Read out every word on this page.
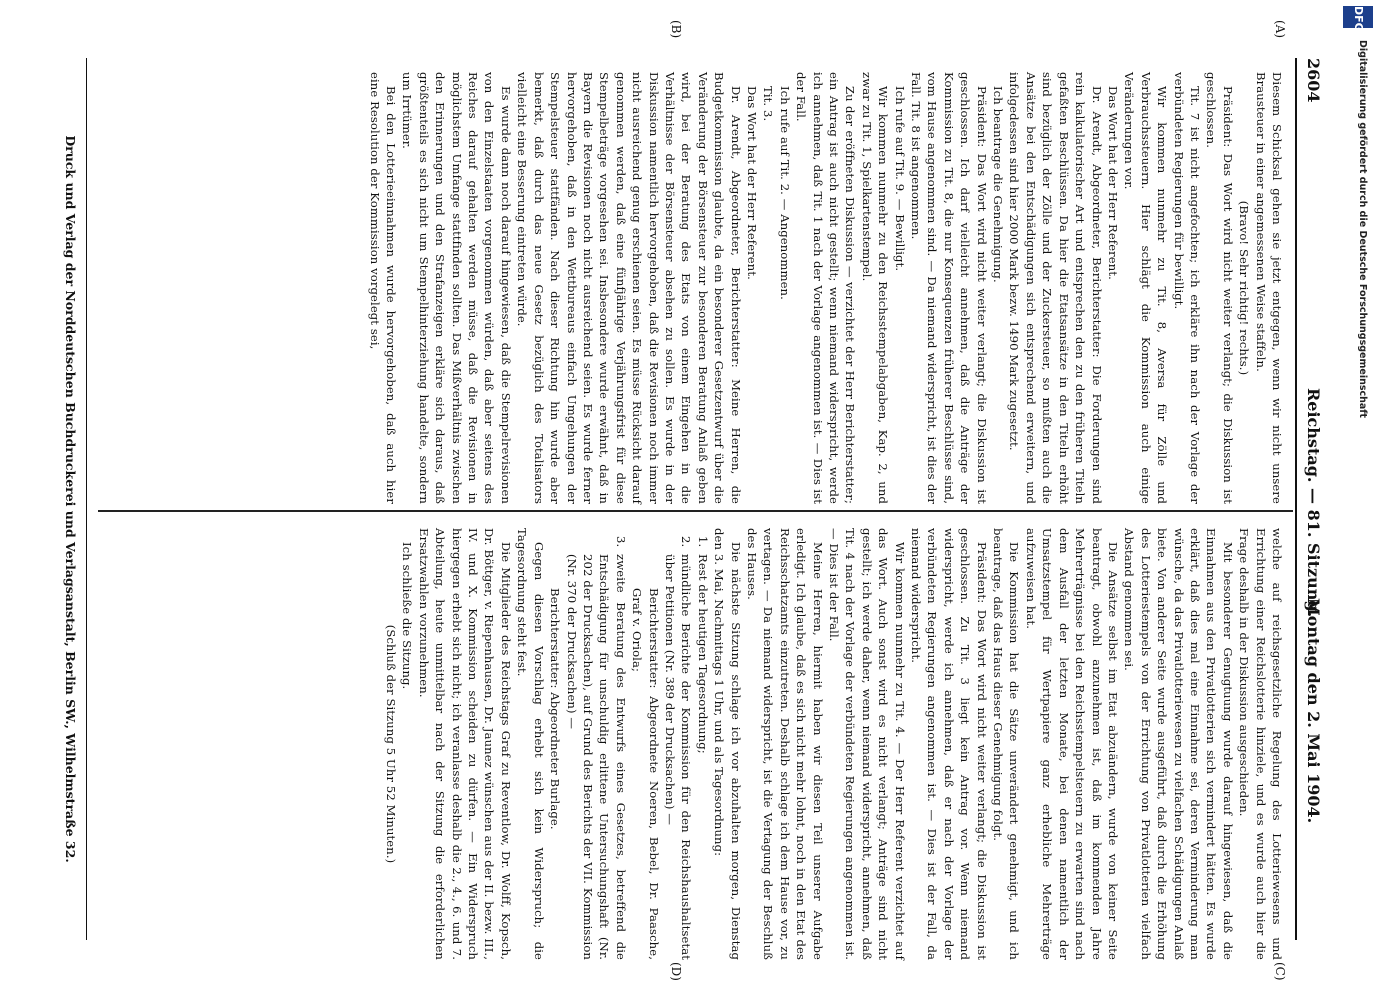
2604
Reichstag. — 81. Sitzung.
Montag den 2. Mai 1904.
(A)
(B)
(C)
(D)

Diesem Schicksal gehen sie jetzt entgegen, wenn wir nicht unsere Brausteuer in einer angemessenen Weise staffeln.

(Bravo! Sehr richtig! rechts.)

Präsident: Das Wort wird nicht weiter verlangt; die Diskussion ist geschlossen.

Tit. 7 ist nicht angefochten; ich erkläre ihn nach der Vorlage der verbündeten Regierungen für bewilligt.

Wir kommen nunmehr zu Tit. 8, Aversa für Zölle und Verbrauchssteuern. Hier schlägt die Kommission auch einige Veränderungen vor.

Das Wort hat der Herr Referent.

Dr. Arendt, Abgeordneter, Berichterstatter: Die Forderungen sind rein kalkulatorischer Art und entsprechen den zu den früheren Titeln gefaßten Beschlüssen. Da hier die Etatsansätze in den Titeln erhöht sind bezüglich der Zölle und der Zuckersteuer, so mußten auch die Ansätze bei den Entschädigungen sich entsprechend erweitern, und infolgedessen sind hier 2000 Mark bezw. 1490 Mark zugesetzt.

Ich beantrage die Genehmigung.

Präsident: Das Wort wird nicht weiter verlangt; die Diskussion ist geschlossen. Ich darf vielleicht annehmen, daß die Anträge der Kommission zu Tit. 8, die nur Konsequenzen früherer Beschlüsse sind, vom Hause angenommen sind. — Da niemand widerspricht, ist dies der Fall. Tit. 8 ist angenommen.

Ich rufe auf Tit. 9. — Bewilligt.

Wir kommen nunmehr zu den Reichsstempelabgaben, Kap. 2, und zwar zu Tit. 1, Spielkartenstempel.

Zu der eröffneten Diskussion — verzichtet der Herr Berichterstatter; ein Antrag ist auch nicht gestellt; wenn niemand widerspricht, werde ich annehmen, daß Tit. 1 nach der Vorlage angenommen ist. — Dies ist der Fall.

Ich rufe auf Tit. 2. — Angenommen.

Tit. 3.

Das Wort hat der Herr Referent.

Dr. Arendt, Abgeordneter, Berichterstatter: Meine Herren, die Budgetkommission glaubte, da ein besonderer Gesetzentwurf über die Veränderung der Börsensteuer zur besonderen Beratung Anlaß geben wird, bei der Beratung des Etats von einem Eingehen in die Verhältnisse der Börsensteuer absehen zu sollen. Es wurde in der Diskussion namentlich hervorgehoben, daß die Revisionen noch immer nicht ausreichend genug erschienen seien. Es müsse Rücksicht darauf genommen werden, daß eine fünfjährige Verjährungsfrist für diese Stempelbeträge vorgesehen sei. Insbesondere wurde erwähnt, daß in Bayern die Revisionen noch nicht ausreichend seien. Es wurde ferner hervorgehoben, daß in den Wettbureaus einfach Umgehungen der Stempelsteuer stattfänden. Nach dieser Richtung hin wurde aber bemerkt, daß durch das neue Gesetz bezüglich des Totalisators vielleicht eine Besserung eintreten würde.

Es wurde dann noch darauf hingewiesen, daß die Stempelrevisionen von den Einzelstaaten vorgenommen würden, daß aber seitens des Reiches darauf gehalten werden müsse, daß die Revisionen in möglichstem Umfange stattfinden sollten. Das Mißverhältnis zwischen den Erinnerungen und den Strafanzeigen erkläre sich daraus, daß größtenteils es sich nicht um Stempelhinterziehung handelte, sondern um Irrtümer.

Bei den Lotterieeinnahmen wurde hervorgehoben, daß auch hier eine Resolution der Kommission vorgelegt sei,

welche auf reichsgesetzliche Regelung des Lotteriewesens und Errichtung einer Reichslotterie hinziele, und es wurde auch hier die Frage deshalb in der Diskussion ausgeschieden.

Mit besonderer Genugtuung wurde darauf hingewiesen, daß die Einnahmen aus den Privatlotterien sich vermindert hätten. Es wurde erklärt, daß dies mal eine Einnahme sei, deren Verminderung man wünsche, da das Privatlotteriewesen zu vielfachen Schädigungen Anlaß biete. Von anderer Seite wurde ausgeführt, daß durch die Erhöhung des Lotteriestempels von der Errichtung von Privatlotterien vielfach Abstand genommen sei.

Die Ansätze selbst im Etat abzuändern, wurde von keiner Seite beantragt, obwohl anzunehmen ist, daß im kommenden Jahre Mehrerträgnisse bei den Reichsstempelsteuern zu erwarten sind nach dem Ausfall der letzten Monate, bei denen namentlich der Umsatzstempel für Wertpapiere ganz erhebliche Mehrerträge aufzuweisen hat.

Die Kommission hat die Sätze unverändert genehmigt, und ich beantrage, daß das Haus dieser Genehmigung folgt.

Präsident: Das Wort wird nicht weiter verlangt; die Diskussion ist geschlossen. Zu Tit. 3 liegt kein Antrag vor. Wenn niemand widerspricht, werde ich annehmen, daß er nach der Vorlage der verbündeten Regierungen angenommen ist. — Dies ist der Fall, da niemand widerspricht.

Wir kommen nunmehr zu Tit. 4. — Der Herr Referent verzichtet auf das Wort. Auch sonst wird es nicht verlangt; Anträge sind nicht gestellt; ich werde daher, wenn niemand widerspricht, annehmen, daß Tit. 4 nach der Vorlage der verbündeten Regierungen angenommen ist. — Dies ist der Fall.

Meine Herren, hiermit haben wir diesen Teil unserer Aufgabe erledigt. Ich glaube, daß es sich nicht mehr lohnt, noch in den Etat des Reichsschatzamts einzutreten. Deshalb schlage ich dem Hause vor, zu vertagen. — Da niemand widerspricht, ist die Vertagung der Beschluß des Hauses.

Die nächste Sitzung schlage ich vor abzuhalten morgen, Dienstag den 3. Mai, Nachmittags 1 Uhr, und als Tagesordnung:

1.
Rest der heutigen Tagesordnung;

2.
mündliche Berichte der Kommission für den Reichshaushaltsetat über Petitionen (Nr. 389 der Drucksachen) —

Berichterstatter: Abgeordnete Noeren, Bebel, Dr. Paasche, Graf v. Oriola;

3.
zweite Beratung des Entwurfs eines Gesetzes, betreffend die Entschädigung für unschuldig erlittene Untersuchungshaft (Nr. 202 der Drucksachen), auf Grund des Berichts der VII. Kommission (Nr. 370 der Drucksachen) —

Berichterstatter: Abgeordneter Burlage.

Gegen diesen Vorschlag erhebt sich kein Widerspruch; die Tagesordnung steht fest.

Die Mitglieder des Reichstags Graf zu Reventlow, Dr. Wolff, Kopsch, Dr. Böttger, v. Riepenhausen, Dr. Jaunez wünschen aus der II. bezw. III., IV. und X. Kommission scheiden zu dürfen. — Ein Widerspruch hiergegen erhebt sich nicht; ich veranlasse deshalb die 2., 4., 6. und 7. Abteilung, heute unmittelbar nach der Sitzung die erforderlichen Ersatzwahlen vorzunehmen.

Ich schließe die Sitzung.

(Schluß der Sitzung 5 Uhr 52 Minuten.)

Druck und Verlag der Norddeutschen Buchdruckerei und Verlagsanstalt, Berlin SW., Wilhelmstraße 32.	Digitalisierung gefördert durch die Deutsche Forschungsgemeinschaft
DFG
